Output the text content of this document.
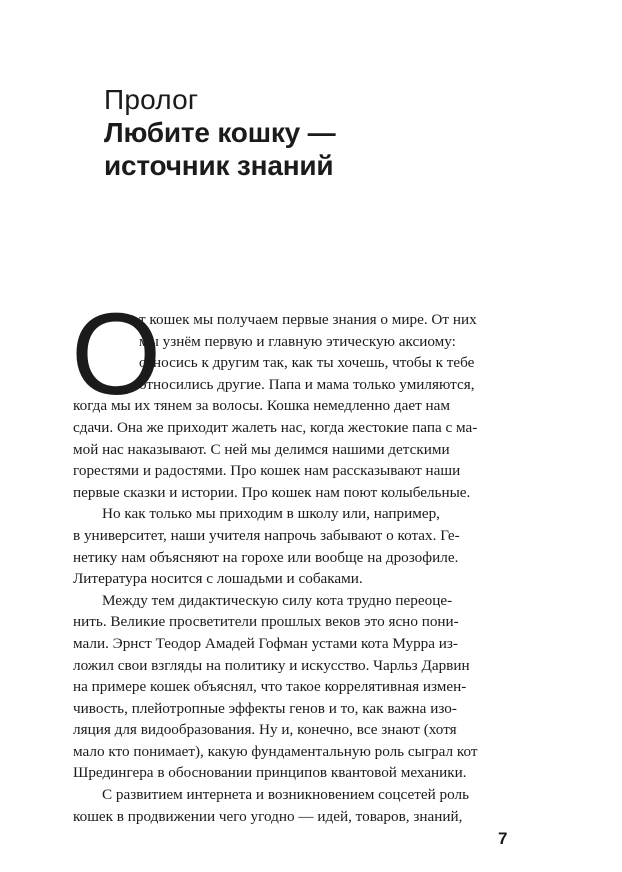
Пролог
Любите кошку —
источник знаний
О
т кошек мы получаем первые знания о мире. От них
мы узнём первую и главную этическую аксиому:
относись к другим так, как ты хочешь, чтобы к тебе
относились другие. Папа и мама только умиляются,
когда мы их тянем за волосы. Кошка немедленно дает нам
сдачи. Она же приходит жалеть нас, когда жестокие папа с ма-
мой нас наказывают. С ней мы делимся нашими детскими
горестями и радостями. Про кошек нам рассказывают наши
первые сказки и истории. Про кошек нам поют колыбельные.
Но как только мы приходим в школу или, например,
в университет, наши учителя напрочь забывают о котах. Ге-
нетику нам объясняют на горохе или вообще на дрозофиле.
Литература носится с лошадьми и собаками.
Между тем дидактическую силу кота трудно переоце-
нить. Великие просветители прошлых веков это ясно пони-
мали. Эрнст Теодор Амадей Гофман устами кота Мурра из-
ложил свои взгляды на политику и искусство. Чарльз Дарвин
на примере кошек объяснял, что такое коррелятивная измен-
чивость, плейотропные эффекты генов и то, как важна изо-
ляция для видообразования. Ну и, конечно, все знают (хотя
мало кто понимает), какую фундаментальную роль сыграл кот
Шредингера в обосновании принципов квантовой механики.
С развитием интернета и возникновением соцсетей роль
кошек в продвижении чего угодно — идей, товаров, знаний,
7
